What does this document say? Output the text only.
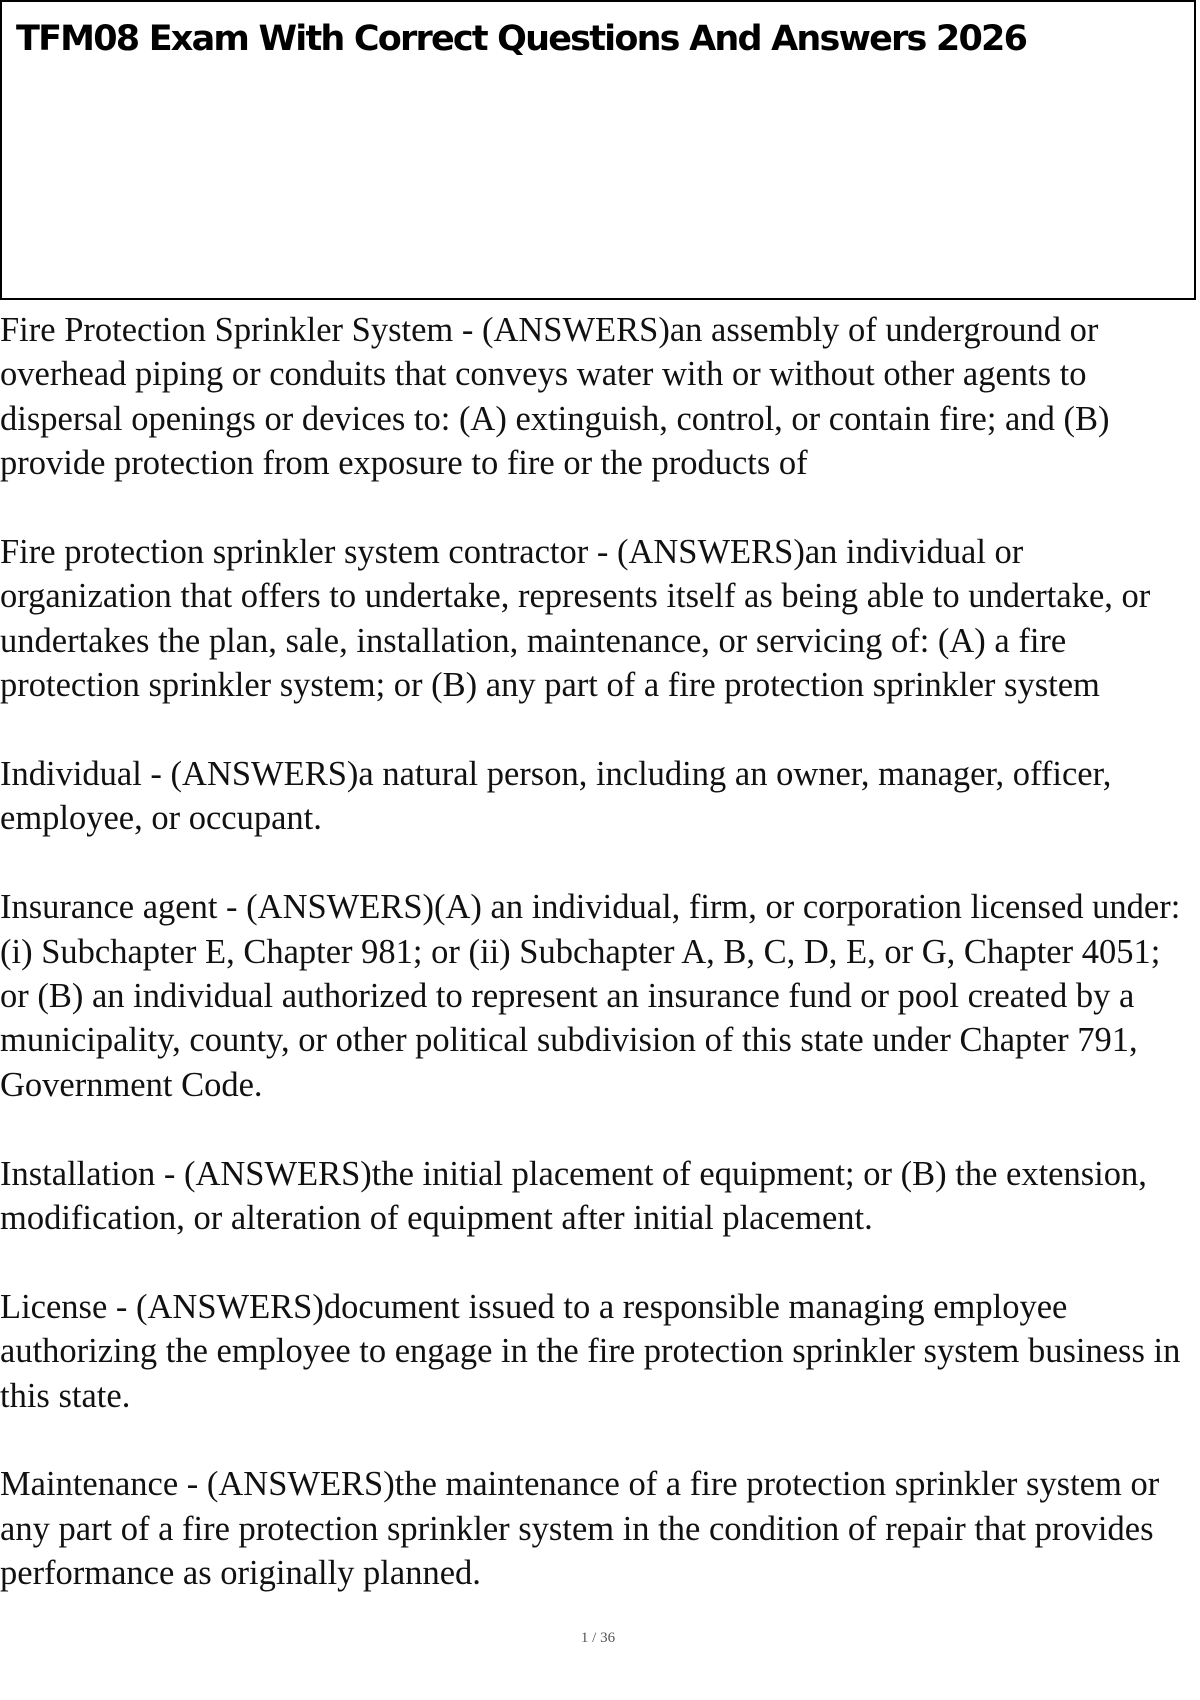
TFM08 Exam With Correct Questions And Answers 2026

Fire Protection Sprinkler System - (ANSWERS)an assembly of underground or overhead piping or conduits that conveys water with or without other agents to dispersal openings or devices to: (A) extinguish, control, or contain fire; and (B) provide protection from exposure to fire or the products of

Fire protection sprinkler system contractor - (ANSWERS)an individual or organization that offers to undertake, represents itself as being able to undertake, or undertakes the plan, sale, installation, maintenance, or servicing of: (A) a fire protection sprinkler system; or (B) any part of a fire protection sprinkler system

Individual - (ANSWERS)a natural person, including an owner, manager, officer, employee, or occupant.

Insurance agent - (ANSWERS)(A) an individual, firm, or corporation licensed under: (i) Subchapter E, Chapter 981; or (ii) Subchapter A, B, C, D, E, or G, Chapter 4051; or (B) an individual authorized to represent an insurance fund or pool created by a municipality, county, or other political subdivision of this state under Chapter 791, Government Code.

Installation - (ANSWERS)the initial placement of equipment; or (B) the extension, modification, or alteration of equipment after initial placement.

License - (ANSWERS)document issued to a responsible managing employee authorizing the employee to engage in the fire protection sprinkler system business in this state.

Maintenance - (ANSWERS)the maintenance of a fire protection sprinkler system or any part of a fire protection sprinkler system in the condition of repair that provides performance as originally planned.

1 / 36
